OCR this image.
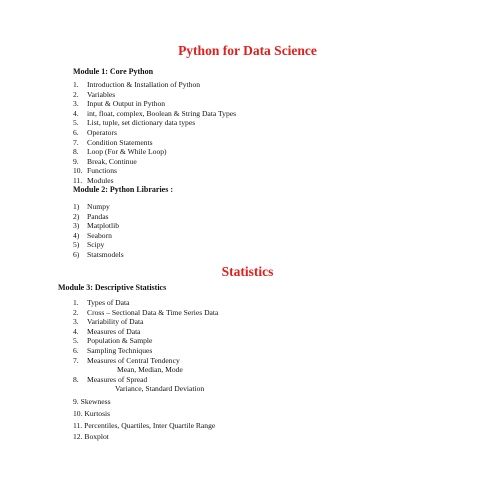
Python for Data Science
Module 1: Core Python
1. Introduction & Installation of Python
2. Variables
3. Input & Output in Python
4. int, float, complex, Boolean & String Data Types
5. List, tuple, set dictionary data types
6. Operators
7. Condition Statements
8. Loop (For & While Loop)
9. Break, Continue
10. Functions
11. Modules
Module 2: Python Libraries :
1) Numpy
2) Pandas
3) Matplotlib
4) Seaborn
5) Scipy
6) Statsmodels
Statistics
Module 3: Descriptive Statistics
1. Types of Data
2. Cross – Sectional Data & Time Series Data
3. Variability of Data
4. Measures of Data
5. Population & Sample
6. Sampling Techniques
7. Measures of Central Tendency
Mean, Median, Mode
8. Measures of Spread
Variance, Standard Deviation
9. Skewness
10. Kurtosis
11. Percentiles, Quartiles, Inter Quartile Range
12. Boxplot
